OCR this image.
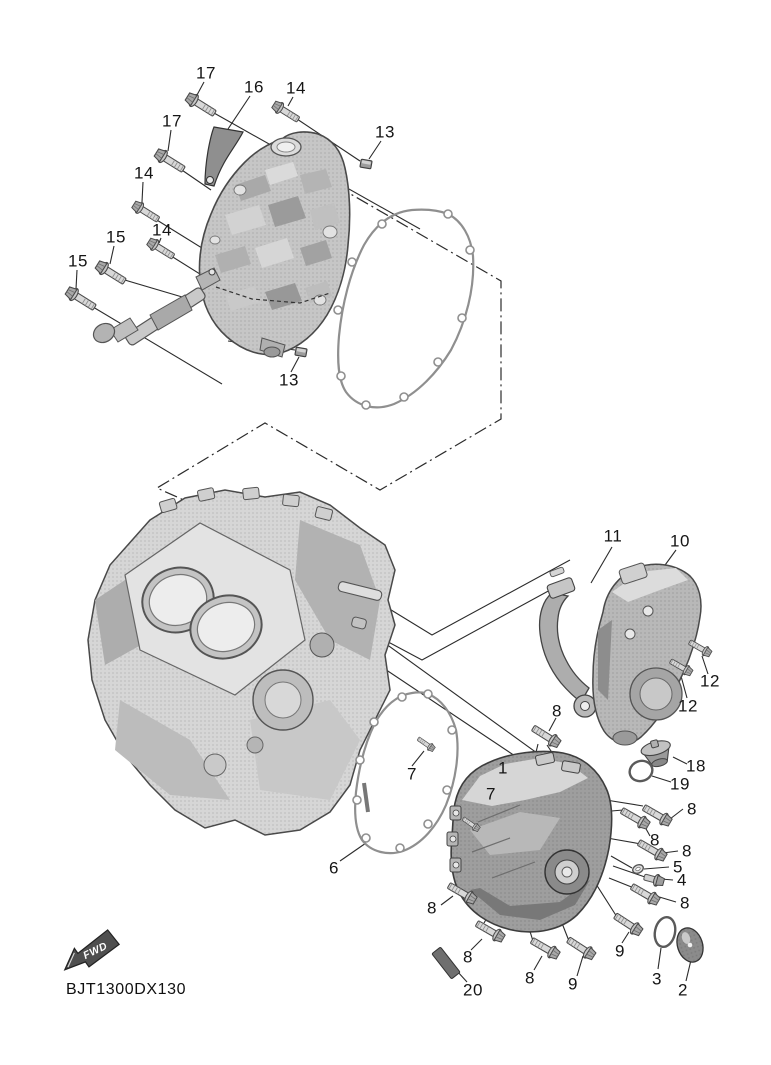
FWD
17
16 14
17
13
14
14
15
15
13
11	10
12
12
8
18
19
1
7
7
8
8
8
5
4
8
8
6
8
8 9
9
3
2
20
BJT1300DX130
